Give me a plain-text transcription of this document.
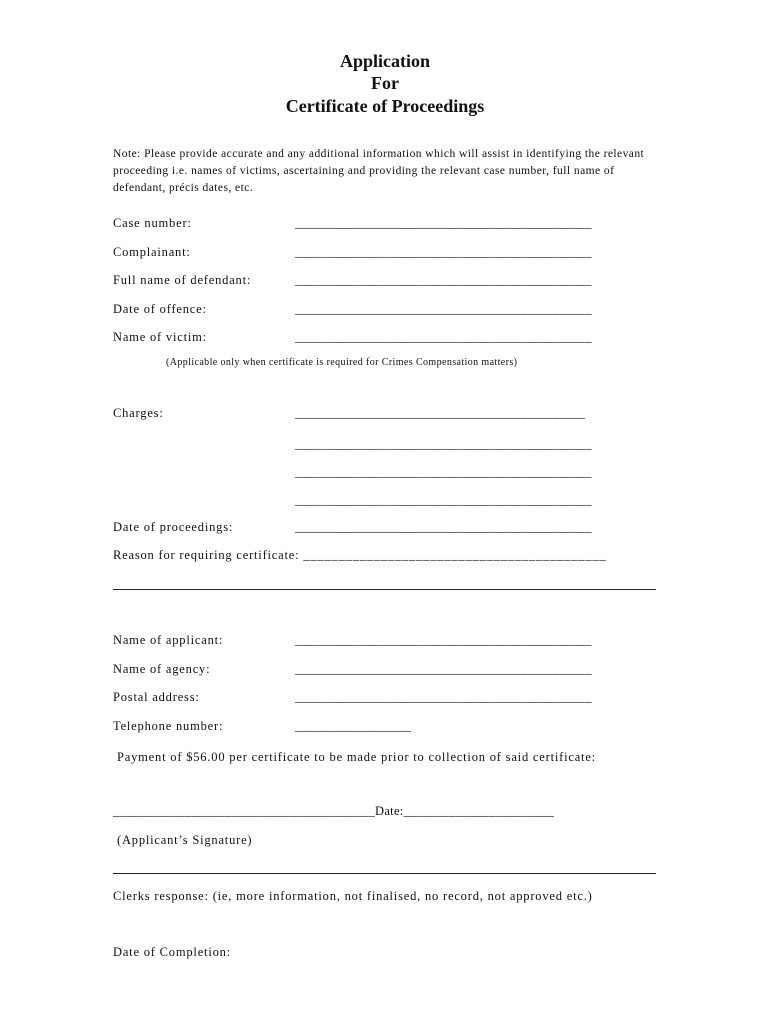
Application
For
Certificate of Proceedings
Note: Please provide accurate and any additional information which will assist in identifying the relevant proceeding i.e. names of victims, ascertaining and providing the relevant case number, full name of defendant, précis dates, etc.
Case number:	______________________________________________
Complainant:	______________________________________________
Full name of defendant:	______________________________________________
Date of offence:	______________________________________________
Name of victim:	______________________________________________
(Applicable only when certificate is required for Crimes Compensation matters)
Charges:	_____________________________________________
______________________________________________
______________________________________________
______________________________________________
Date of proceedings:	______________________________________________
Reason for requiring certificate: ___________________________________________
Name of applicant:	______________________________________________
Name of agency:	______________________________________________
Postal address:	______________________________________________
Telephone number:	__________________
Payment of $56.00 per certificate to be made prior to collection of said certificate:
________________________________________Date:_______________________
(Applicant’s Signature)
Clerks response: (ie, more information, not finalised, no record, not approved etc.)
Date of Completion:
